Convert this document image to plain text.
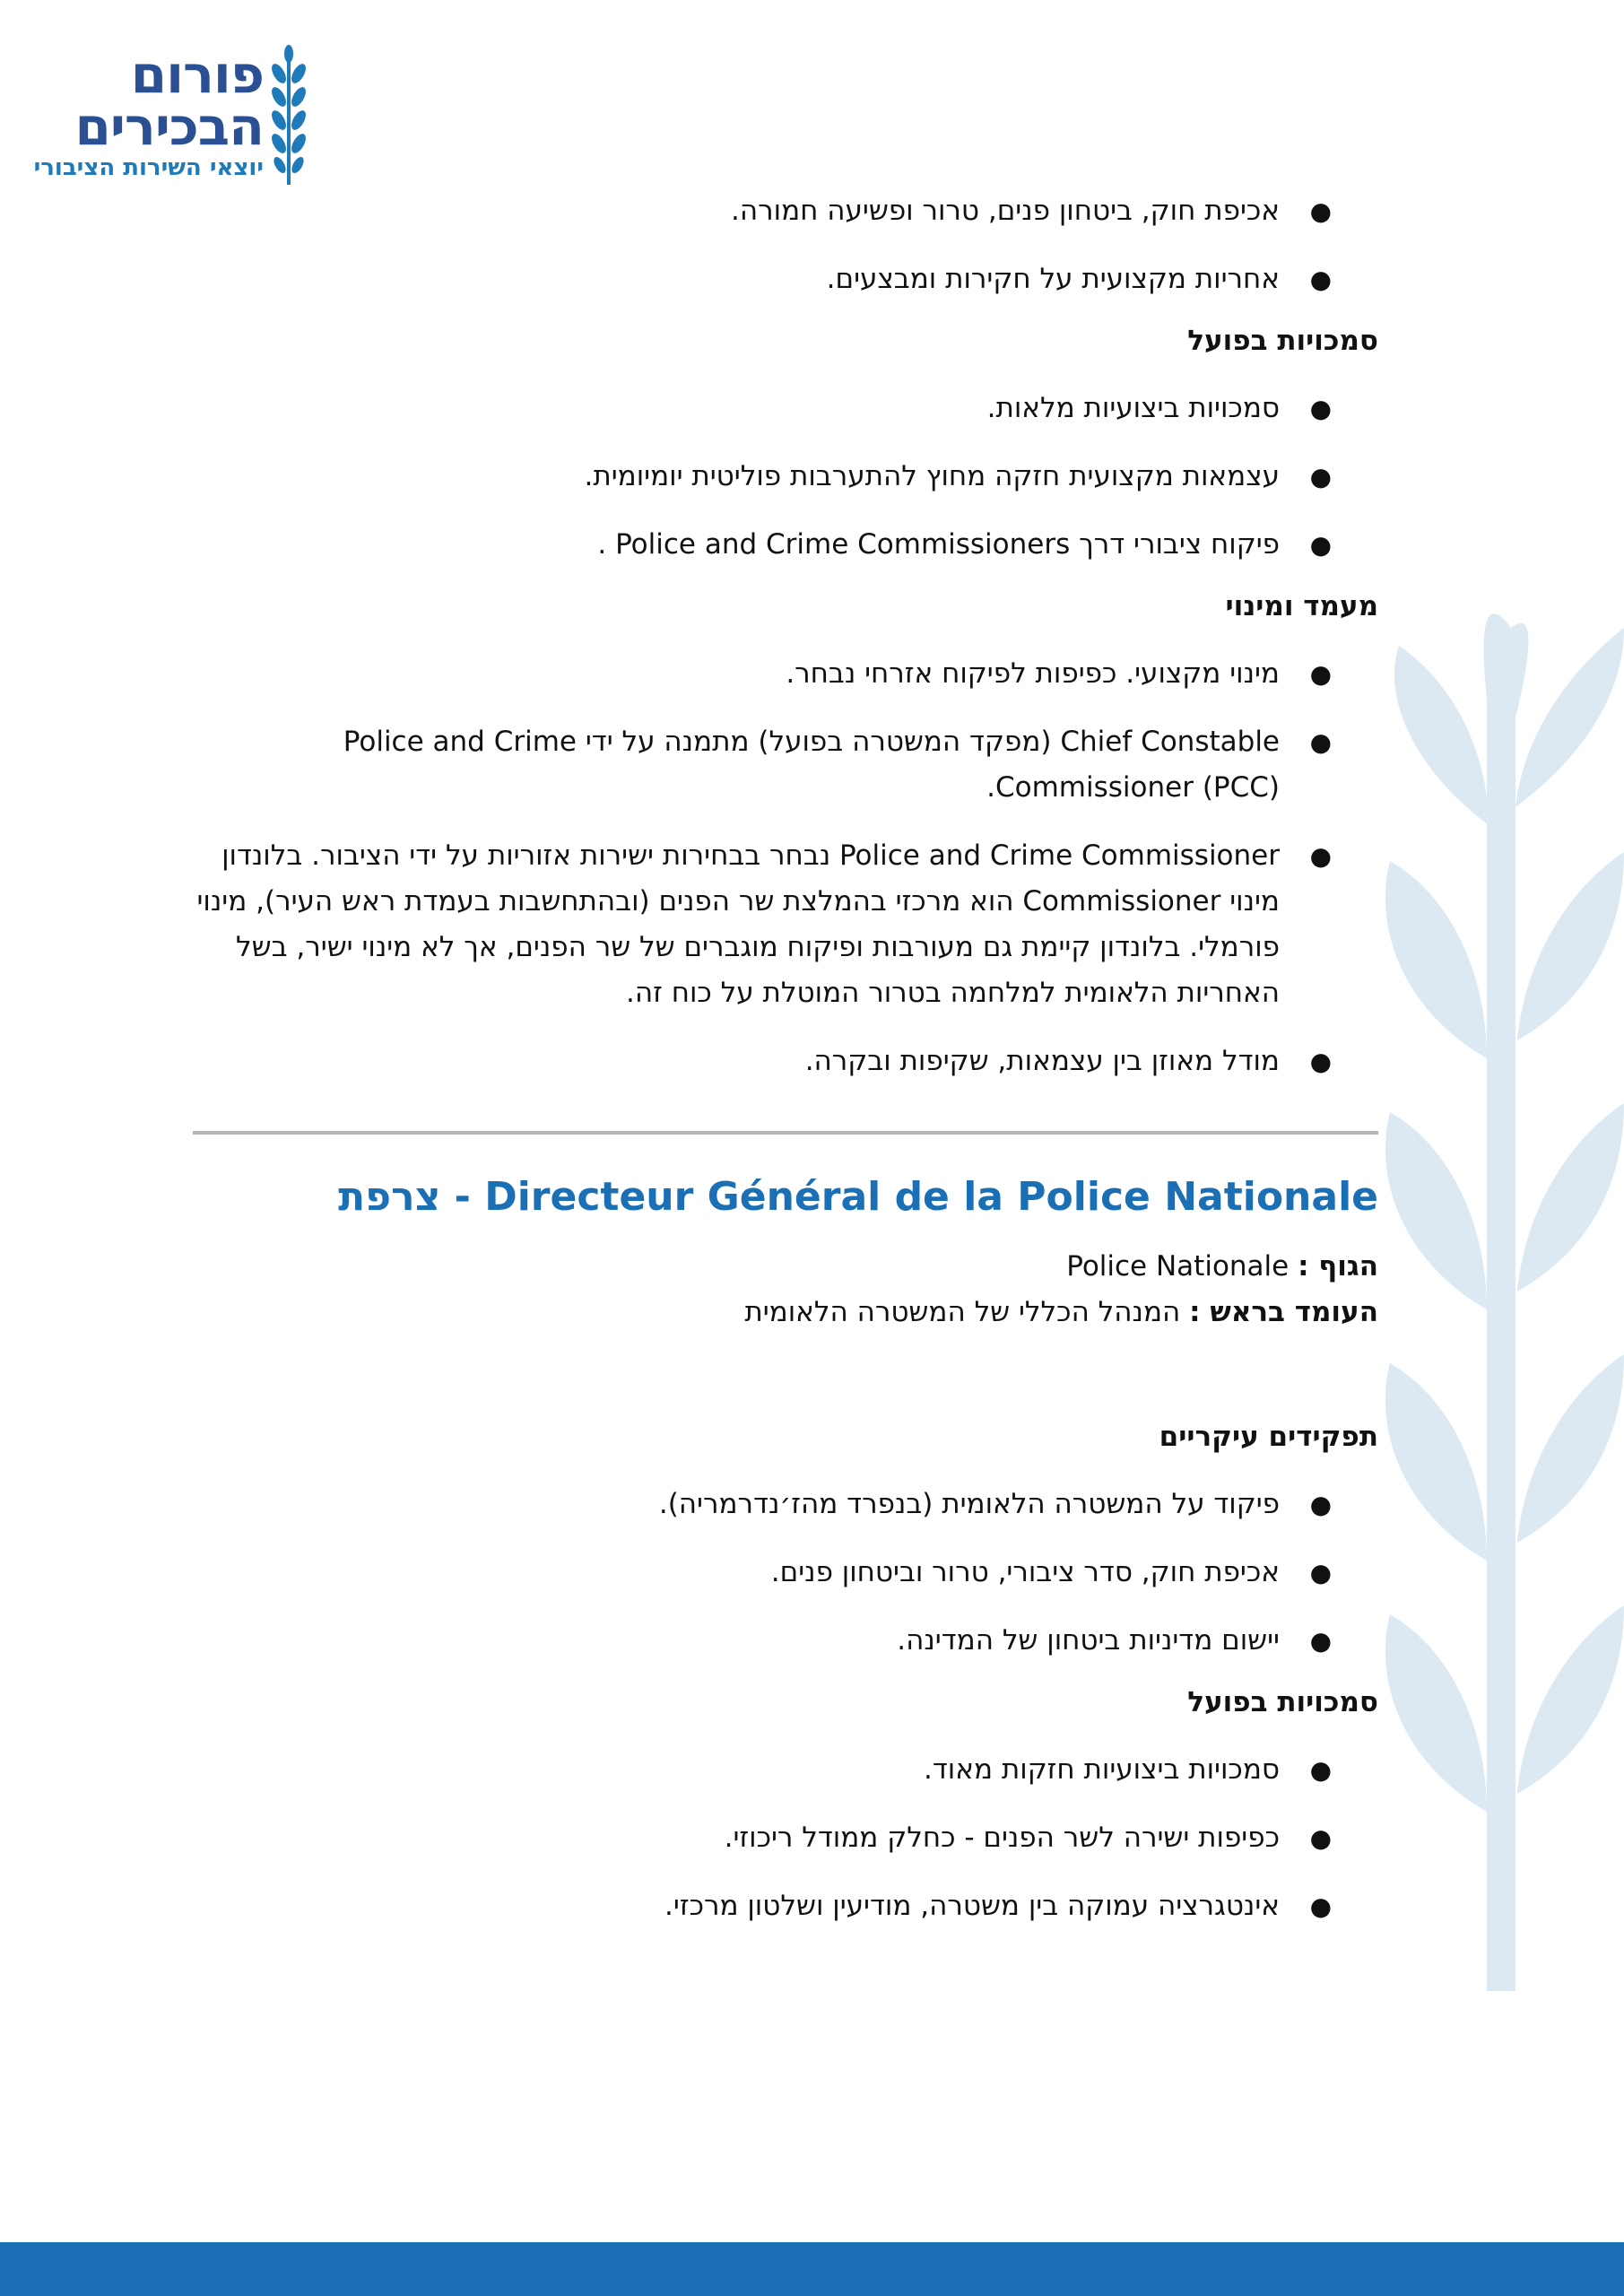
פורום
הבכירים
יוצאי השירות הציבורי
●
אכיפת חוק, ביטחון פנים, טרור ופשיעה חמורה.
●
אחריות מקצועית על חקירות ומבצעים.
סמכויות בפועל
●
סמכויות ביצועיות מלאות.
●
עצמאות מקצועית חזקה מחוץ להתערבות פוליטית יומיומית.
●
פיקוח ציבורי דרך Police and Crime Commissioners .
מעמד ומינוי
●
מינוי מקצועי. כפיפות לפיקוח אזרחי נבחר.
●
Chief Constable (מפקד המשטרה בפועל) מתמנה על ידי Police and Crime Commissioner (PCC).
●
Police and Crime Commissioner נבחר בבחירות ישירות אזוריות על ידי הציבור. בלונדון מינוי Commissioner הוא מרכזי בהמלצת שר הפנים (ובהתחשבות בעמדת ראש העיר), מינוי פורמלי. בלונדון קיימת גם מעורבות ופיקוח מוגברים של שר הפנים, אך לא מינוי ישיר, בשל האחריות הלאומית למלחמה בטרור המוטלת על כוח זה.
●
מודל מאוזן בין עצמאות, שקיפות ובקרה.
Directeur Général de la Police Nationale - צרפת
הגוף : Police Nationale
העומד בראש : המנהל הכללי של המשטרה הלאומית
תפקידים עיקריים
●
פיקוד על המשטרה הלאומית (בנפרד מהז׳נדרמריה).
●
אכיפת חוק, סדר ציבורי, טרור וביטחון פנים.
●
יישום מדיניות ביטחון של המדינה.
סמכויות בפועל
●
סמכויות ביצועיות חזקות מאוד.
●
כפיפות ישירה לשר הפנים - כחלק ממודל ריכוזי.
●
אינטגרציה עמוקה בין משטרה, מודיעין ושלטון מרכזי.
